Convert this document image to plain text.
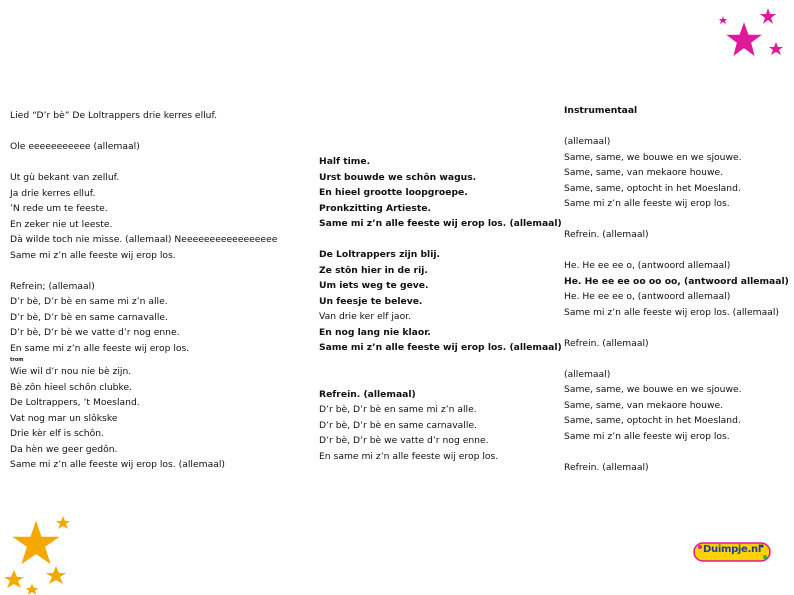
Lied “D’r bè” De Loltrappers drie kerres elluf.
Ole eeeeeeeeeee (allemaal)
Ut gù bekant van zelluf.
Ja drie kerres elluf.
’N rede um te feeste.
En zeker nie ut leeste.
Dà wilde toch nie misse. (allemaal) Neeeeeeeeeeeeeeeee
Same mi z’n alle feeste wij erop los.
Refrein; (allemaal)
D’r bè, D’r bè en same mi z’n alle.
D’r bè, D’r bè en same carnavalle.
D’r bè, D’r bè we vatte d’r nog enne.
En same mi z’n alle feeste wij erop los.
trom
Wie wil d’r nou nie bè zijn.
Bè zôn hieel schôn clubke.
De Loltrappers, ’t Moesland.
Vat nog mar un slôkske
Drie kèr elf is schôn.
Da hèn we geer gedôn.
Same mi z’n alle feeste wij erop los. (allemaal)
Half time.
Urst bouwde we schôn wagus.
En hieel grootte loopgroepe.
Pronkzitting Artieste.
Same mi z’n alle feeste wij erop los. (allemaal)
De Loltrappers zijn blij.
Ze stôn hier in de rij.
Um iets weg te geve.
Un feesje te beleve.
Van drie ker elf jaor.
En nog lang nie klaor.
Same mi z’n alle feeste wij erop los. (allemaal)
Refrein. (allemaal)
D’r bè, D’r bè en same mi z’n alle.
D’r bè, D’r bè en same carnavalle.
D’r bè, D’r bè we vatte d’r nog enne.
En same mi z’n alle feeste wij erop los.
Instrumentaal
(allemaal)
Same, same, we bouwe en we sjouwe.
Same, same, van mekaore houwe.
Same, same, optocht in het Moesland.
Same mi z’n alle feeste wij erop los.
Refrein. (allemaal)
He. He ee ee o, (antwoord allemaal)
He. He ee ee oo oo oo, (antwoord allemaal)
He. He ee ee o, (antwoord allemaal)
Same mi z’n alle feeste wij erop los. (allemaal)
Refrein. (allemaal)
(allemaal)
Same, same, we bouwe en we sjouwe.
Same, same, van mekaore houwe.
Same, same, optocht in het Moesland.
Same mi z’n alle feeste wij erop los.
Refrein. (allemaal)
Duimpje.nl
